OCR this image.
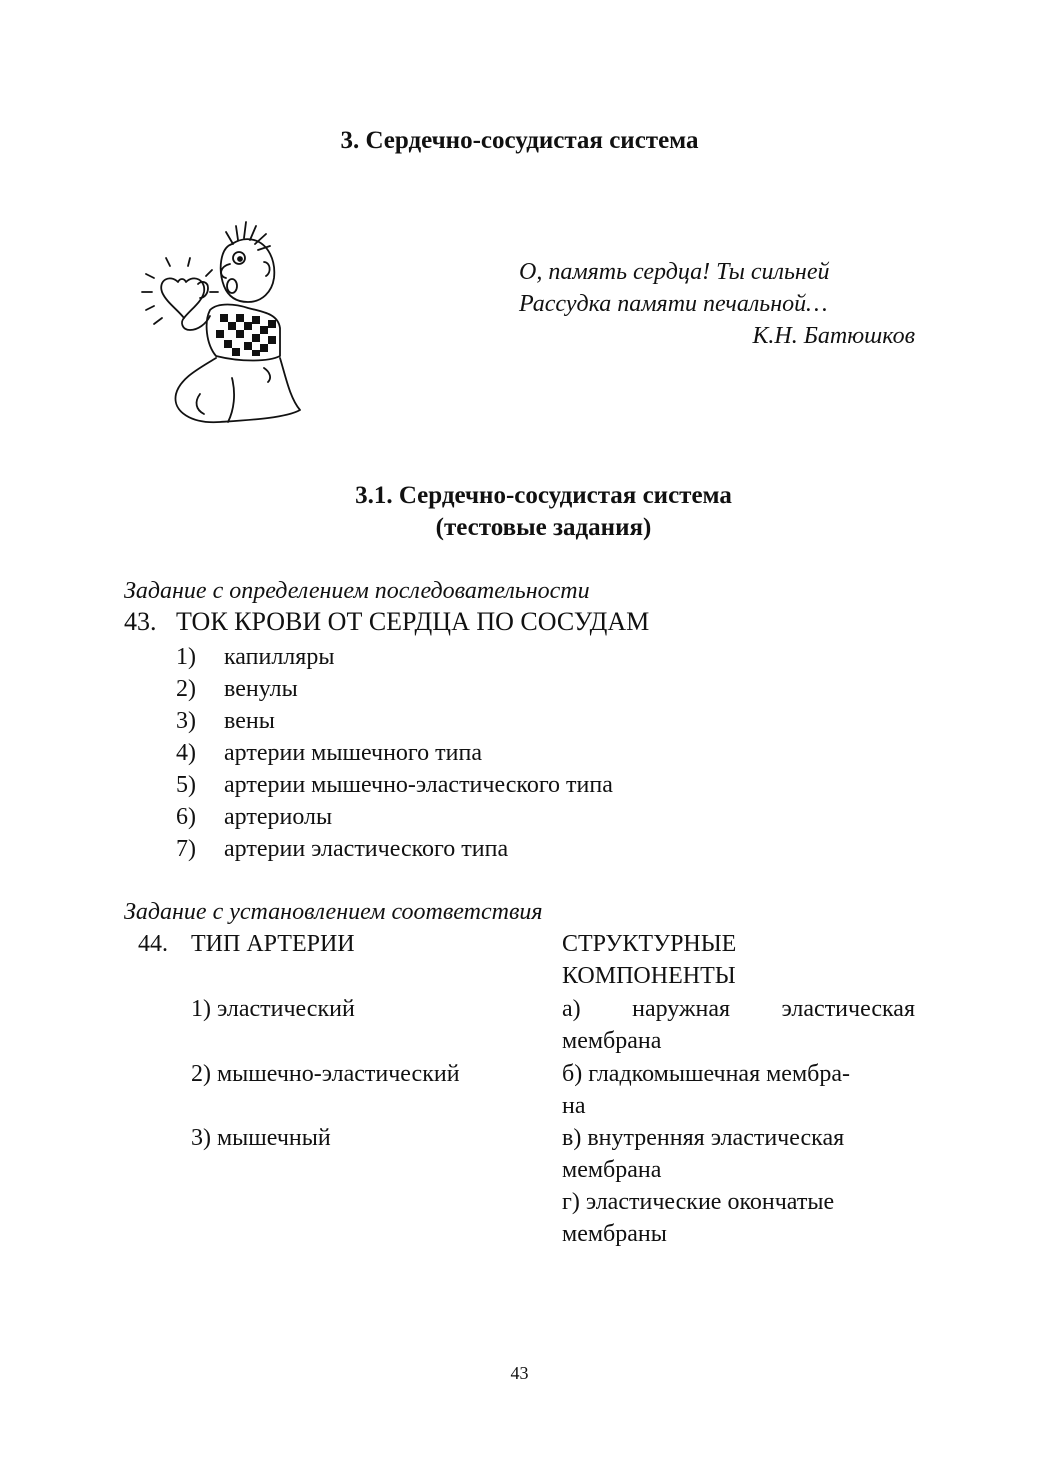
3. Сердечно-сосудистая система
О, память сердца! Ты сильней
Рассудка памяти печальной…
К.Н. Батюшков
3.1. Сердечно-сосудистая система
(тестовые задания)
Задание с определением последовательности
43. ТОК КРОВИ ОТ СЕРДЦА ПО СОСУДАМ
1) капилляры
2) венулы
3) вены
4) артерии мышечного типа
5) артерии мышечно-эластического типа
6) артериолы
7) артерии эластического типа
Задание с установлением соответствия
44. ТИП АРТЕРИИ	СТРУКТУРНЫЕ
КОМПОНЕНТЫ
1) эластический
2) мышечно-эластический
3) мышечный
а) наружная эластическая
мембрана
б) гладкомышечная мембра-
на
в) внутренняя эластическая
мембрана
г) эластические окончатые
мембраны
43
